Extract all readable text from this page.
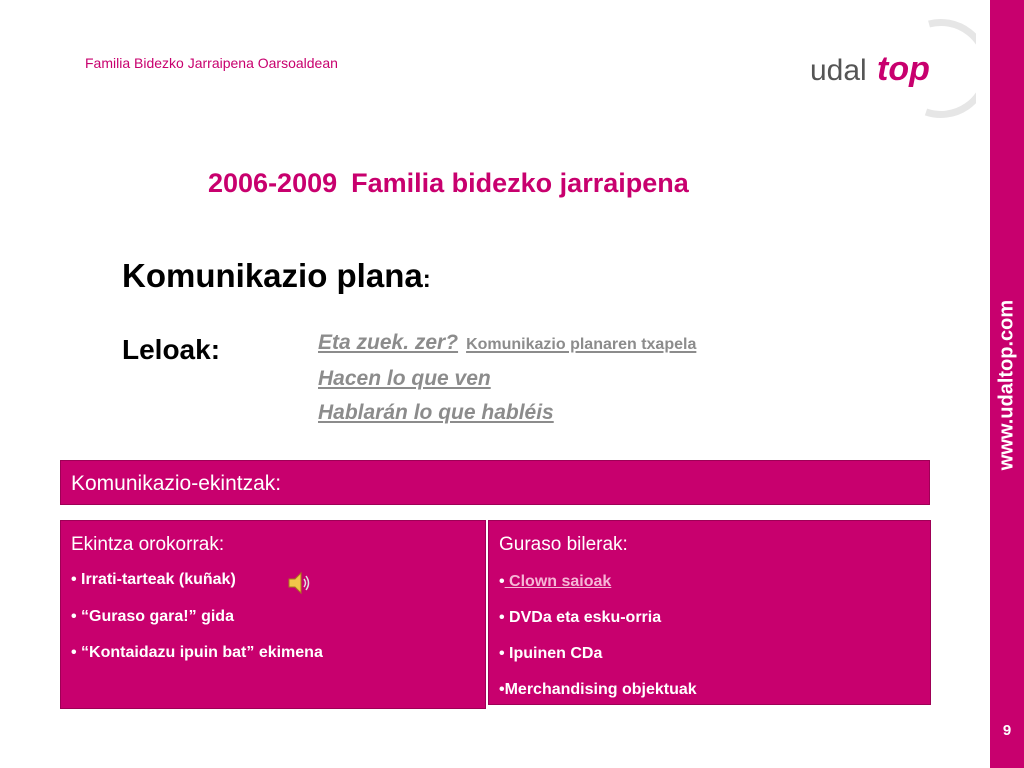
Familia Bidezko Jarraipena Oarsoaldean	udal top
www.udaltop.com
9
2006-2009 Familia bidezko jarraipena
Komunikazio plana:
Leloak:	Eta zuek. zer? Komunikazio planaren txapela
Hacen lo que ven
Hablarán lo que habléis
Komunikazio-ekintzak:
Ekintza orokorrak:
• Irrati-tarteak (kuñak)
• “Guraso gara!” gida
• “Kontaidazu ipuin bat” ekimena
Guraso bilerak:
• Clown saioak
• DVDa eta esku-orria
• Ipuinen CDa
•Merchandising objektuak
